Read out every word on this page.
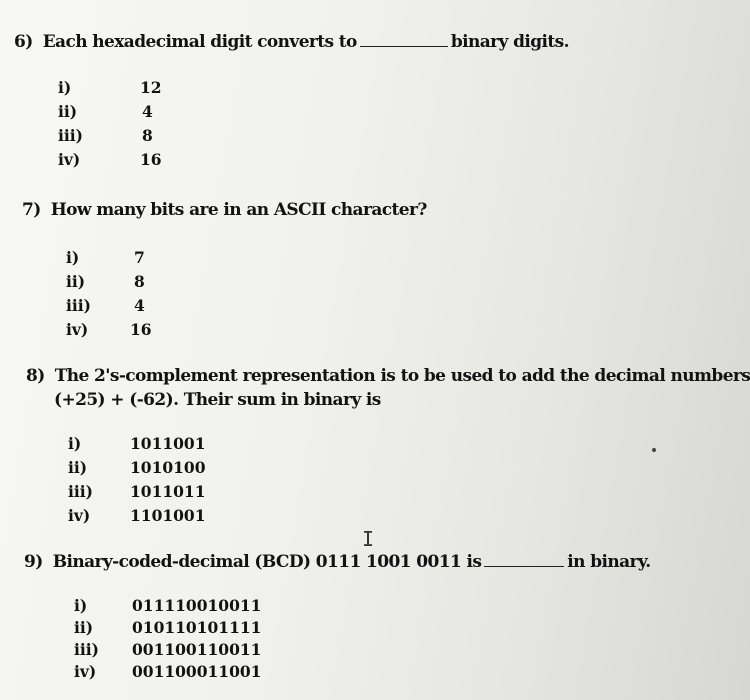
6) Each hexadecimal digit converts to	binary digits.
i)	12
ii)	4
iii)	8
iv)	16
7) How many bits are in an ASCII character?
i)	7
ii)	8
iii)	4
iv)	16
8) The 2's-complement representation is to be used to add the decimal numbers
(+25) + (-62). Their sum in binary is
i)	1011001
ii)	1010100
iii) 1011011
iv)	1101001
I
9) Binary-coded-decimal (BCD) 0111 1001 0011 is	in binary.
i)	011110010011
ii)	010110101111
iii) 001100110011
iv) 001100011001
